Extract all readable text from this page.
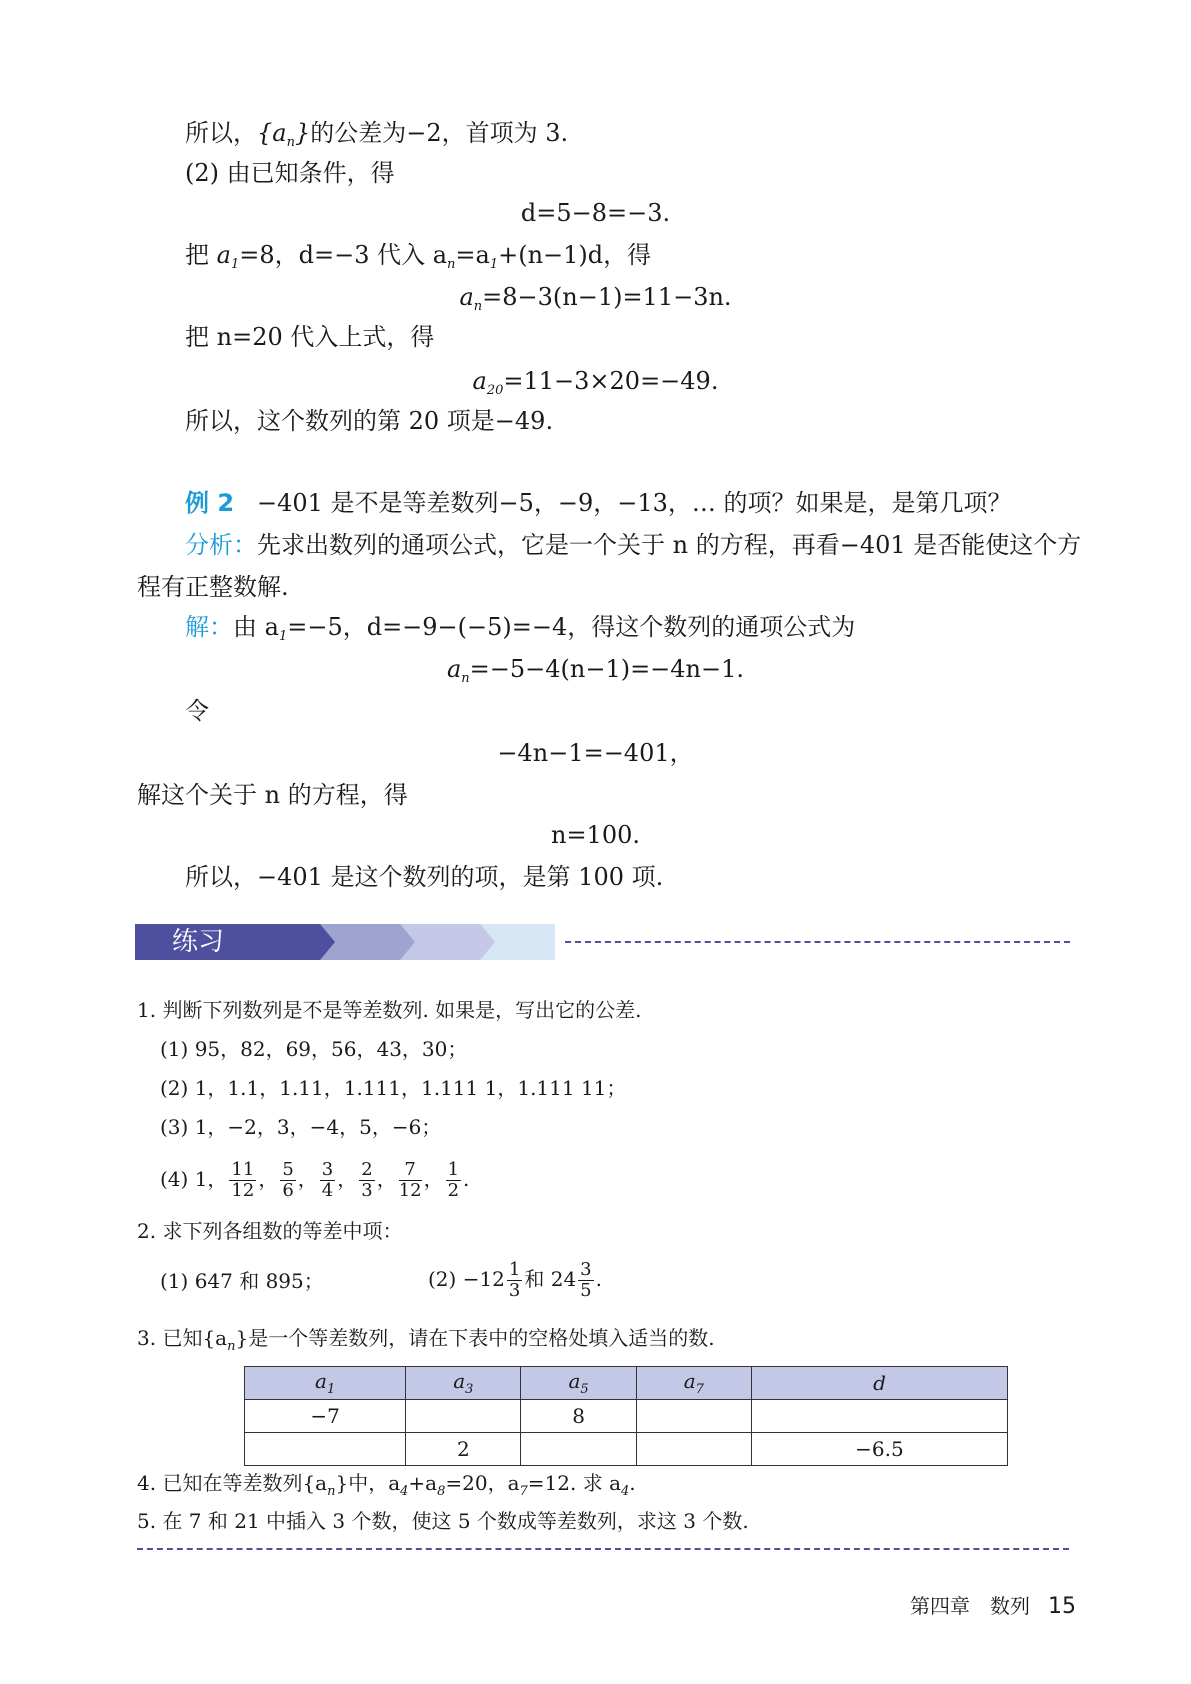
所以，$\{a_n\}$的公差为−2，首项为 3.
(2) 由已知条件，得
d=5−8=−3.
把 $a_1=8$，d=−3 代入 $a_n=a_1+(n-1)d$，得
$a_n=8-3(n-1)=11-3n$.
把 n=20 代入上式，得
$a_{20}=11-3\times 20=-49$.
所以，这个数列的第 20 项是−49.
例 2 −401 是不是等差数列−5，−9，−13，… 的项？如果是，是第几项？
分析：先求出数列的通项公式，它是一个关于 n 的方程，再看−401 是否能使这个方
程有正整数解.
解：由 $a_1=-5$，d=−9−(−5)=−4，得这个数列的通项公式为
$a_n=-5-4(n-1)=-4n-1$.
令
−4n−1=−401，
解这个关于 n 的方程，得
n=100.
所以，−401 是这个数列的项，是第 100 项.
练习
1. 判断下列数列是不是等差数列. 如果是，写出它的公差.
(1) 95，82，69，56，43，30；
(2) 1，1.1，1.11，1.111，1.111 1，1.111 11；
(3) 1，−2，3，−4，5，−6；
(4) 1， $\frac{11}{12}$ ， $\frac{5}{6}$ ， $\frac{3}{4}$ ， $\frac{2}{3}$ ， $\frac{7}{12}$ ， $\frac{1}{2}$ .
2. 求下列各组数的等差中项：
(1) 647 和 895；	$(2) -12 \frac{1}{3}$ 和 $24 \frac{3}{5}$ .
3. 已知$\{a_n\}$是一个等差数列，请在下表中的空格处填入适当的数.
$a_1$	$a_3$	$a_5$	$a_7$	d
−7		8		
	2			−6.5
4. 已知在等差数列$\{a_n\}$中，$a_4+a_8=20$，$a_7=12$. 求 $a_4$.
5. 在 7 和 21 中插入 3 个数，使这 5 个数成等差数列，求这 3 个数.
第四章　数列 15
